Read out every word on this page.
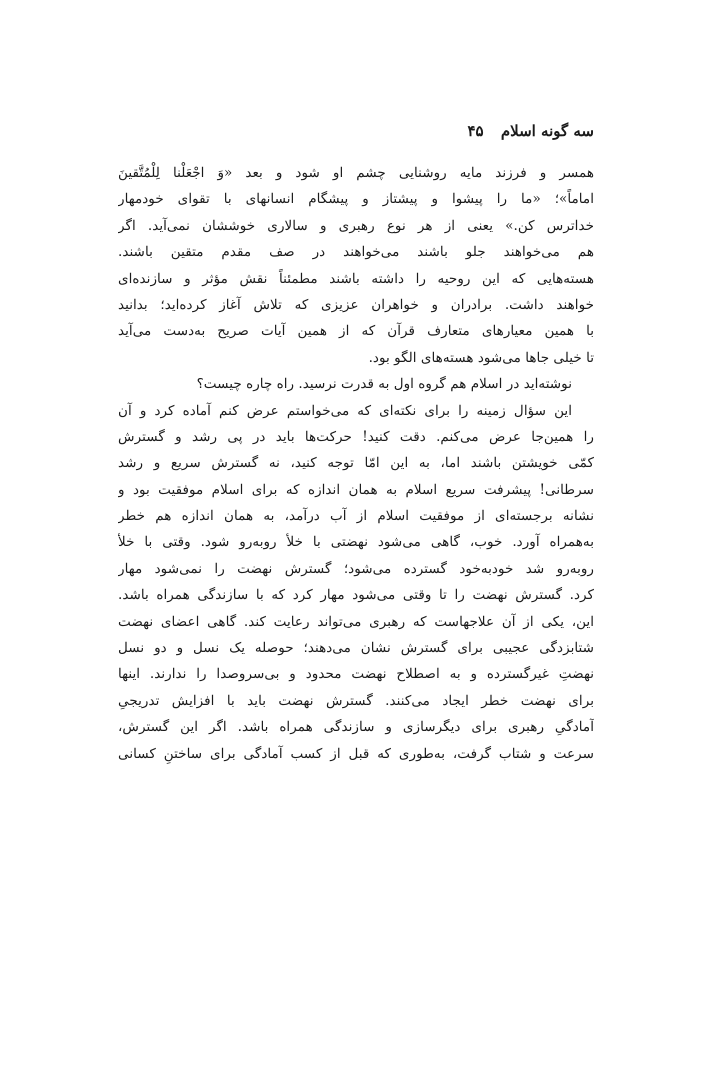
سه گونه اسلام ۴۵
همسر و فرزند مایه روشنایی چشم او شود و بعد «وَ اجْعَلْنا لِلْمُتَّقینَ
اماماً»؛ «ما را پیشوا و پیشتاز و پیشگام انسانهای با تقوای خودمهار
خداترس کن.» یعنی از هر نوع رهبری و سالاری خوششان نمی‌آید. اگر
هم می‌خواهند جلو باشند می‌خواهند در صف مقدم متقین باشند.
هسته‌هایی که این روحیه را داشته باشند مطمئناً نقش مؤثر و سازنده‌ای
خواهند داشت. برادران و خواهران عزیزی که تلاش آغاز کرده‌اید؛ بدانید
با همین معیارهای متعارف قرآن که از همین آیات صریح به‌دست می‌آید
تا خیلی جاها می‌شود هسته‌های الگو بود.
نوشته‌اید در اسلام هم گروه اول به قدرت نرسید. راه چاره چیست؟
این سؤال زمینه را برای نکته‌ای که می‌خواستم عرض کنم آماده کرد و آن
را همین‌جا عرض می‌کنم. دقت کنید! حرکت‌ها باید در پی رشد و گسترش
کمّی خویشتن باشند اما، به این امّا توجه کنید، نه گسترش سریع و رشد
سرطانی! پیشرفت سریع اسلام به همان اندازه که برای اسلام موفقیت بود و
نشانه برجسته‌ای از موفقیت اسلام از آب درآمد، به همان اندازه هم خطر
به‌همراه آورد. خوب، گاهی می‌شود نهضتی با خلأ روبه‌رو شود. وقتی با خلأ
روبه‌رو شد خودبه‌خود گسترده می‌شود؛ گسترش نهضت را نمی‌شود مهار
کرد. گسترش نهضت را تا وقتی می‌شود مهار کرد که با سازندگی همراه باشد.
این، یکی از آن علاجهاست که رهبری می‌تواند رعایت کند. گاهی اعضای نهضت
شتابزدگی عجیبی برای گسترش نشان می‌دهند؛ حوصله یک نسل و دو نسل
نهضتِ غیرگسترده و به اصطلاح نهضت محدود و بی‌سروصدا را ندارند. اینها
برای نهضت خطر ایجاد می‌کنند. گسترش نهضت باید با افزایش تدریجیِ
آمادگیِ رهبری برای دیگرسازی و سازندگی همراه باشد. اگر این گسترش،
سرعت و شتاب گرفت، به‌طوری که قبل از کسب آمادگی برای ساختنِ کسانی
